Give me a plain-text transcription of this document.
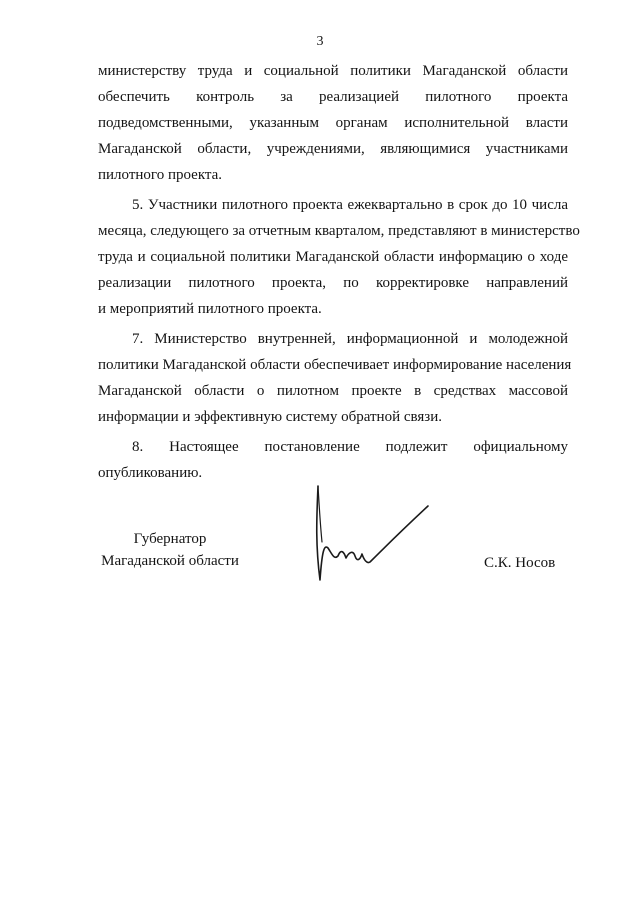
3
министерству труда и социальной политики Магаданской области
обеспечить контроль за реализацией пилотного проекта
подведомственными, указанным органам исполнительной власти
Магаданской области, учреждениями, являющимися участниками
пилотного проекта.
5. Участники пилотного проекта ежеквартально в срок до 10 числа
месяца, следующего за отчетным кварталом, представляют в министерство
труда и социальной политики Магаданской области информацию о ходе
реализации пилотного проекта, по корректировке направлений
и мероприятий пилотного проекта.
7. Министерство внутренней, информационной и молодежной
политики Магаданской области обеспечивает информирование населения
Магаданской области о пилотном проекте в средствах массовой
информации и эффективную систему обратной связи.
8. Настоящее постановление подлежит официальному
опубликованию.
Губернатор
Магаданской области	С.К. Носов
